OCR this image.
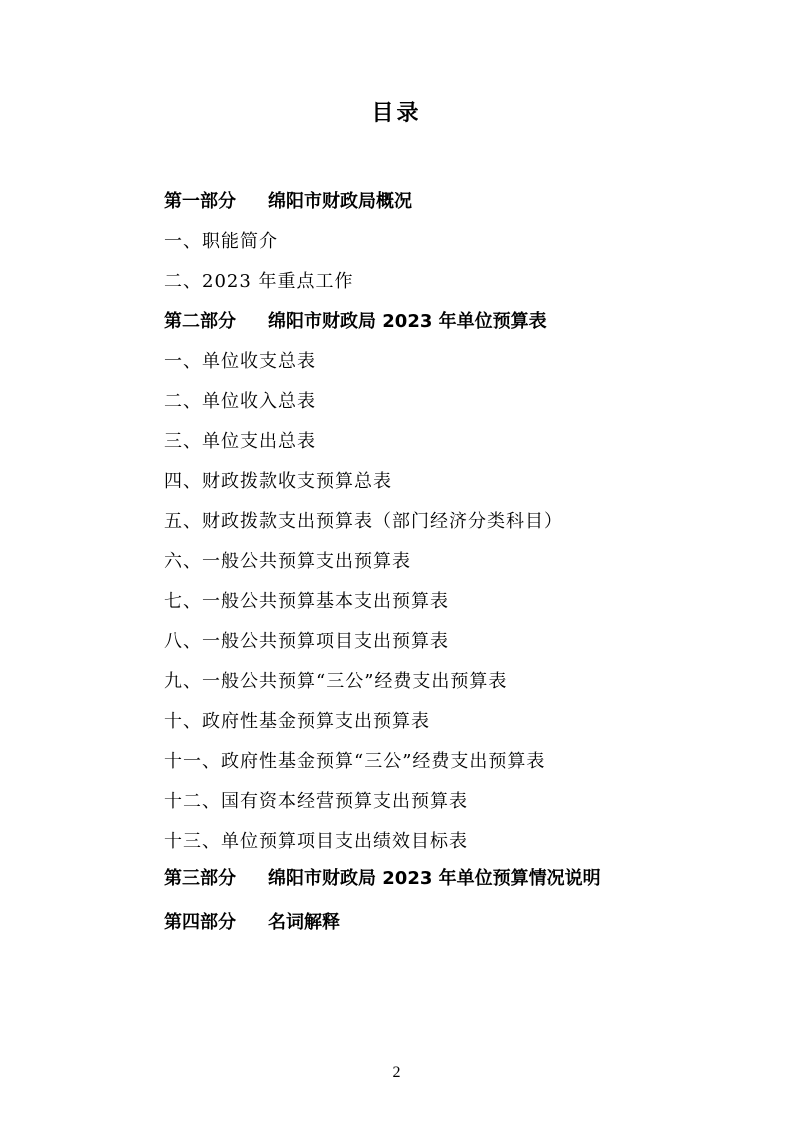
目录
第一部分 绵阳市财政局概况
一、职能简介
二、2023 年重点工作
第二部分 绵阳市财政局 2023 年单位预算表
一、单位收支总表
二、单位收入总表
三、单位支出总表
四、财政拨款收支预算总表
五、财政拨款支出预算表（部门经济分类科目）
六、一般公共预算支出预算表
七、一般公共预算基本支出预算表
八、一般公共预算项目支出预算表
九、一般公共预算“三公”经费支出预算表
十、政府性基金预算支出预算表
十一、政府性基金预算“三公”经费支出预算表
十二、国有资本经营预算支出预算表
十三、单位预算项目支出绩效目标表
第三部分 绵阳市财政局 2023 年单位预算情况说明
第四部分 名词解释
2
